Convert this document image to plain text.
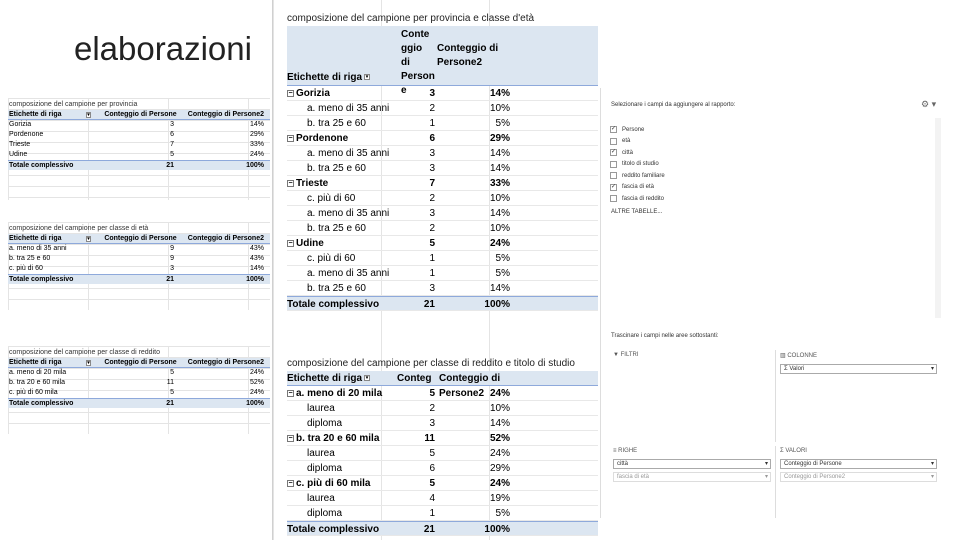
elaborazioni
composizione del campione per provincia
Etichette di riga	▾	Conteggio di Persone	Conteggio di Persone2
Gorizia	3	14%
Pordenone	6	29%
Trieste	7	33%
Udine	5	24%
Totale complessivo	21	100%
composizione del campione per classe di età
Etichette di riga	▾	Conteggio di Persone	Conteggio di Persone2
a. meno di 35 anni	9	43%
b. tra 25 e 60	9	43%
c. più di 60	3	14%
Totale complessivo	21	100%
composizione del campione per classe di reddito
Etichette di riga	▾	Conteggio di Persone	Conteggio di Persone2
a. meno di 20 mila	5	24%
b. tra 20 e 60 mila	11	52%
c. più di 60 mila	5	24%
Totale complessivo	21	100%
composizione del campione per provincia e classe d'età
Etichette di riga ▾
Conte ggio di Person e
Conteggio di Persone2
− Gorizia	3	14%
a. meno di 35 anni	2	10%
b. tra 25 e 60	1	5%
− Pordenone	6	29%
a. meno di 35 anni	3	14%
b. tra 25 e 60	3	14%
− Trieste	7	33%
c. più di 60	2	10%
a. meno di 35 anni	3	14%
b. tra 25 e 60	2	10%
− Udine	5	24%
c. più di 60	1	5%
a. meno di 35 anni	1	5%
b. tra 25 e 60	3	14%
Totale complessivo	21	100%
composizione del campione per classe di reddito e titolo di studio
Etichette di riga ▾	Conteg Conteggio di Persone2
− a. meno di 20 mila	5	24%
laurea	2	10%
diploma	3	14%
− b. tra 20 e 60 mila	11	52%
laurea	5	24%
diploma	6	29%
− c. più di 60 mila	5	24%
laurea	4	19%
diploma	1	5%
Totale complessivo	21	100%
Selezionare i campi da aggiungere al rapporto:	⚙ ▾
✓ Persone
età
✓ città
titolo di studio
reddito familiare
✓ fascia di età
fascia di reddito
ALTRE TABELLE...
Trascinare i campi nelle aree sottostanti:
▼ FILTRI	▥ COLONNE
Σ Valori	▾
≡ RIGHE
città	▾
fascia di età	▾
Σ VALORI
Conteggio di Persone	▾
Conteggio di Persone2	▾
